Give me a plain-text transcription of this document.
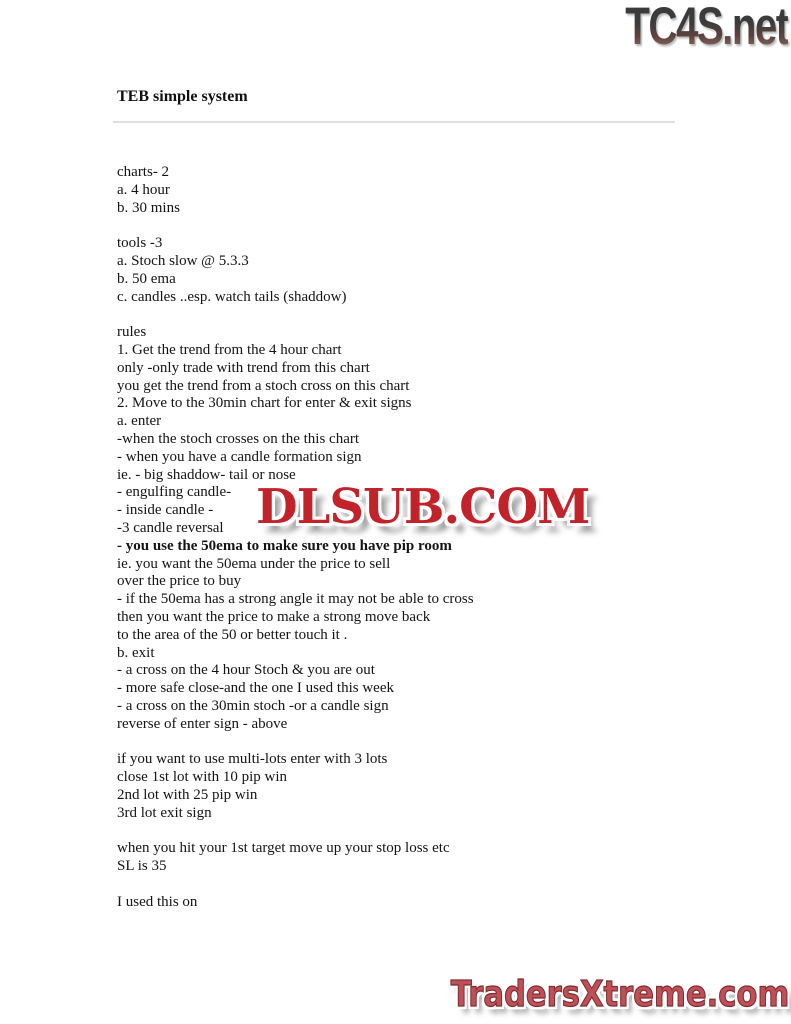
TC4S.net
TEB simple system
charts- 2
a. 4 hour
b. 30 mins
tools -3
a. Stoch slow @ 5.3.3
b. 50 ema
c. candles ..esp. watch tails (shaddow)
rules
1. Get the trend from the 4 hour chart
only -only trade with trend from this chart
you get the trend from a stoch cross on this chart
2. Move to the 30min chart for enter & exit signs
a. enter
-when the stoch crosses on the this chart
- when you have a candle formation sign
ie. - big shaddow- tail or nose
- engulfing candle-
- inside candle -
-3 candle reversal
- you use the 50ema to make sure you have pip room
ie. you want the 50ema under the price to sell
over the price to buy
- if the 50ema has a strong angle it may not be able to cross
then you want the price to make a strong move back
to the area of the 50 or better touch it .
b. exit
- a cross on the 4 hour Stoch & you are out
- more safe close-and the one I used this week
- a cross on the 30min stoch -or a candle sign
reverse of enter sign - above
if you want to use multi-lots enter with 3 lots
close 1st lot with 10 pip win
2nd lot with 25 pip win
3rd lot exit sign
when you hit your 1st target move up your stop loss etc
SL is 35
I used this on
DLSUB.COM
TradersXtreme.com
